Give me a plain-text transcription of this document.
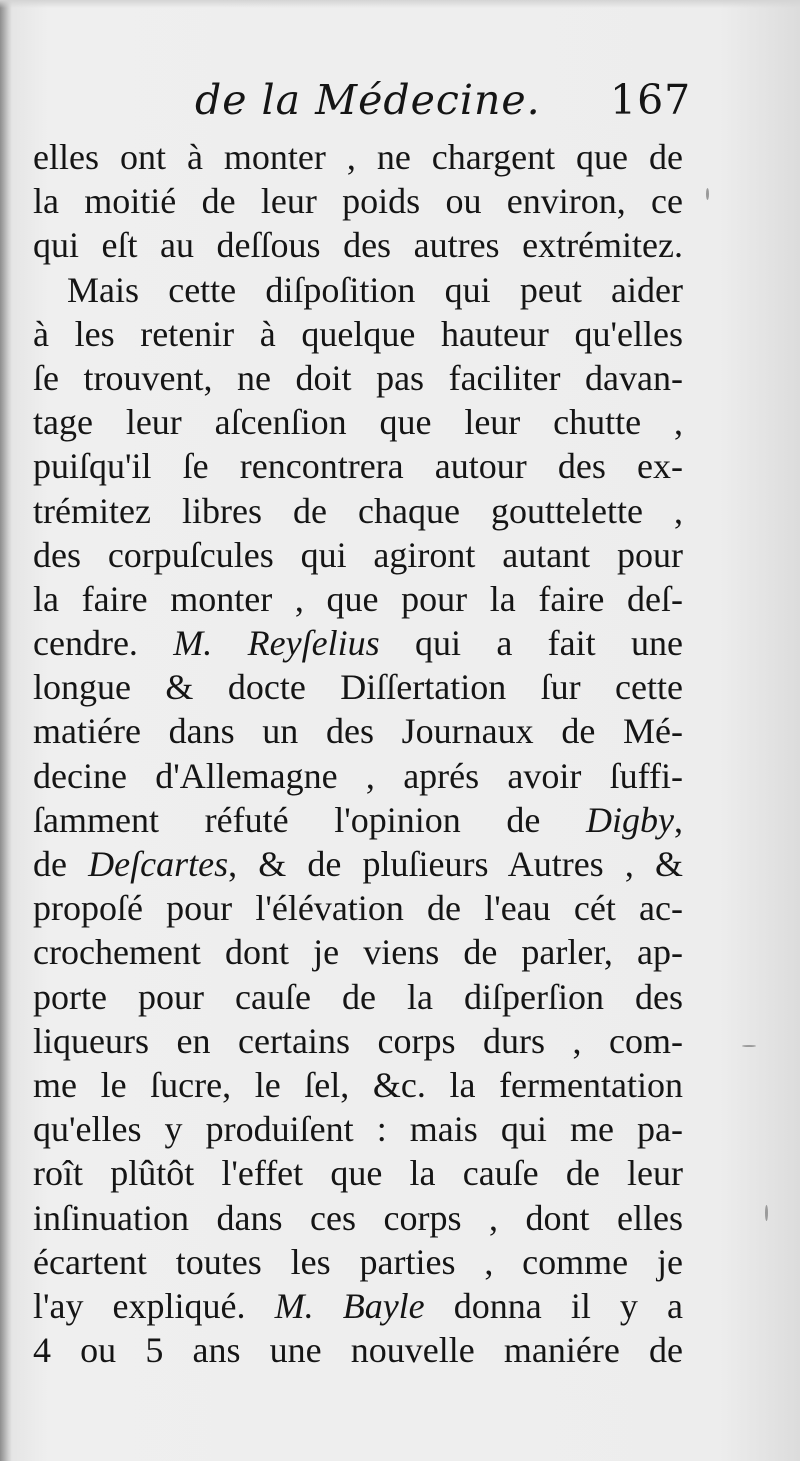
de la Médecine. 167
elles ont à monter , ne chargent que de
la moitié de leur poids ou environ, ce
qui eſt au deſſous des autres extrémitez.
Mais cette diſpoſition qui peut aider
à les retenir à quelque hauteur qu'elles
ſe trouvent, ne doit pas faciliter davan-
tage leur aſcenſion que leur chutte ,
puiſqu'il ſe rencontrera autour des ex-
trémitez libres de chaque gouttelette ,
des corpuſcules qui agiront autant pour
la faire monter , que pour la faire deſ-
cendre. M. Reyſelius qui a fait une
longue & docte Diſſertation ſur cette
matiére dans un des Journaux de Mé-
decine d'Allemagne , aprés avoir ſuffi-
ſamment réfuté l'opinion de Digby,
de Deſcartes, & de pluſieurs Autres , &
propoſé pour l'élévation de l'eau cét ac-
crochement dont je viens de parler, ap-
porte pour cauſe de la diſperſion des
liqueurs en certains corps durs , com-
me le ſucre, le ſel, &c. la fermentation
qu'elles y produiſent : mais qui me pa-
roît plûtôt l'effet que la cauſe de leur
inſinuation dans ces corps , dont elles
écartent toutes les parties , comme je
l'ay expliqué. M. Bayle donna il y a
4 ou 5 ans une nouvelle maniére de
